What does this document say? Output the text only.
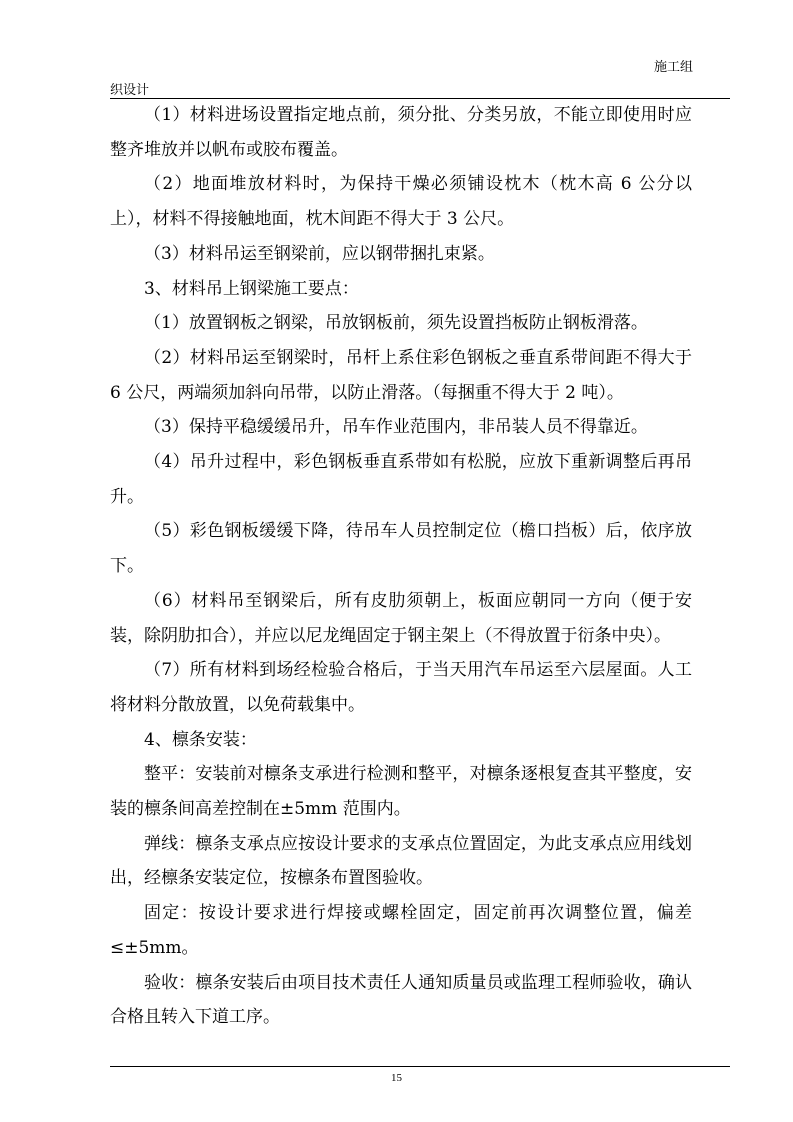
施工组
织设计

（1）材料进场设置指定地点前，须分批、分类另放，不能立即使用时应整齐堆放并以帆布或胶布覆盖。

（2）地面堆放材料时，为保持干燥必须铺设枕木（枕木高 6 公分以上），材料不得接触地面，枕木间距不得大于 3 公尺。

（3）材料吊运至钢梁前，应以钢带捆扎束紧。

3、材料吊上钢梁施工要点：

（1）放置钢板之钢梁，吊放钢板前，须先设置挡板防止钢板滑落。

（2）材料吊运至钢梁时，吊杆上系住彩色钢板之垂直系带间距不得大于 6 公尺，两端须加斜向吊带，以防止滑落。（每捆重不得大于 2 吨）。

（3）保持平稳缓缓吊升，吊车作业范围内，非吊装人员不得靠近。

（4）吊升过程中，彩色钢板垂直系带如有松脱，应放下重新调整后再吊升。

（5）彩色钢板缓缓下降，待吊车人员控制定位（檐口挡板）后，依序放下。

（6）材料吊至钢梁后，所有皮肋须朝上，板面应朝同一方向（便于安装，除阴肋扣合），并应以尼龙绳固定于钢主架上（不得放置于衍条中央）。

（7）所有材料到场经检验合格后，于当天用汽车吊运至六层屋面。人工将材料分散放置，以免荷载集中。

4、檩条安装：

整平：安装前对檩条支承进行检测和整平，对檩条逐根复查其平整度，安装的檩条间高差控制在±5mm 范围内。

弹线：檩条支承点应按设计要求的支承点位置固定，为此支承点应用线划出，经檩条安装定位，按檩条布置图验收。

固定：按设计要求进行焊接或螺栓固定，固定前再次调整位置，偏差≤±5mm。

验收：檩条安装后由项目技术责任人通知质量员或监理工程师验收，确认合格且转入下道工序。

15
